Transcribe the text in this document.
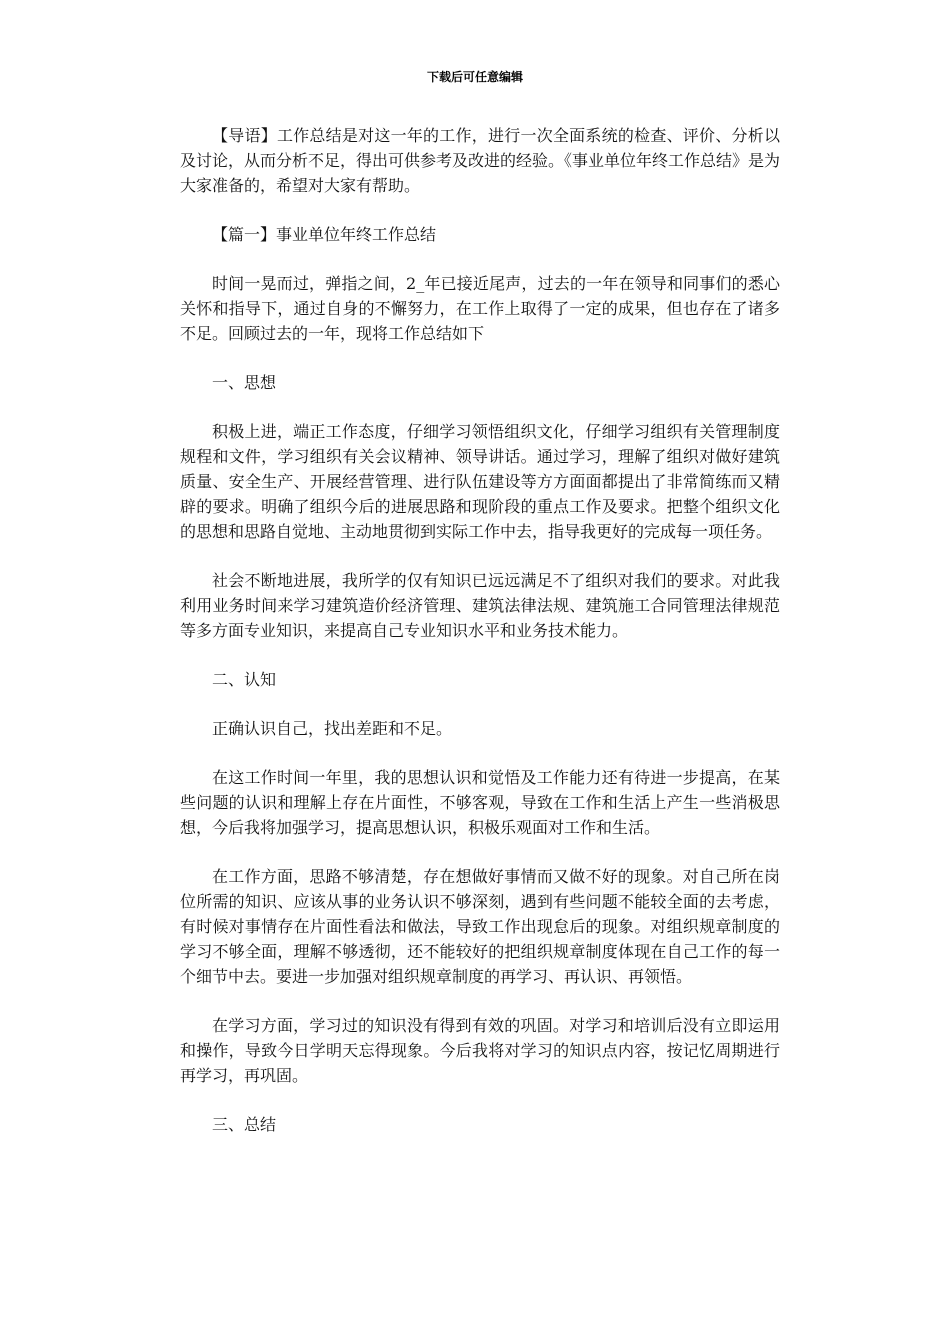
下载后可任意编辑

【导语】工作总结是对这一年的工作，进行一次全面系统的检查、评价、分析以及讨论，从而分析不足，得出可供参考及改进的经验。《事业单位年终工作总结》是为大家准备的，希望对大家有帮助。

【篇一】事业单位年终工作总结

时间一晃而过，弹指之间，2_年已接近尾声，过去的一年在领导和同事们的悉心关怀和指导下，通过自身的不懈努力，在工作上取得了一定的成果，但也存在了诸多不足。回顾过去的一年，现将工作总结如下

一、思想

积极上进，端正工作态度，仔细学习领悟组织文化，仔细学习组织有关管理制度规程和文件，学习组织有关会议精神、领导讲话。通过学习，理解了组织对做好建筑质量、安全生产、开展经营管理、进行队伍建设等方方面面都提出了非常简练而又精辟的要求。明确了组织今后的进展思路和现阶段的重点工作及要求。把整个组织文化的思想和思路自觉地、主动地贯彻到实际工作中去，指导我更好的完成每一项任务。

社会不断地进展，我所学的仅有知识已远远满足不了组织对我们的要求。对此我利用业务时间来学习建筑造价经济管理、建筑法律法规、建筑施工合同管理法律规范等多方面专业知识，来提高自己专业知识水平和业务技术能力。

二、认知

正确认识自己，找出差距和不足。

在这工作时间一年里，我的思想认识和觉悟及工作能力还有待进一步提高，在某些问题的认识和理解上存在片面性，不够客观，导致在工作和生活上产生一些消极思想，今后我将加强学习，提高思想认识，积极乐观面对工作和生活。

在工作方面，思路不够清楚，存在想做好事情而又做不好的现象。对自己所在岗位所需的知识、应该从事的业务认识不够深刻，遇到有些问题不能较全面的去考虑，有时候对事情存在片面性看法和做法，导致工作出现怠后的现象。对组织规章制度的学习不够全面，理解不够透彻，还不能较好的把组织规章制度体现在自己工作的每一个细节中去。要进一步加强对组织规章制度的再学习、再认识、再领悟。

在学习方面，学习过的知识没有得到有效的巩固。对学习和培训后没有立即运用和操作，导致今日学明天忘得现象。今后我将对学习的知识点内容，按记忆周期进行再学习，再巩固。

三、总结
